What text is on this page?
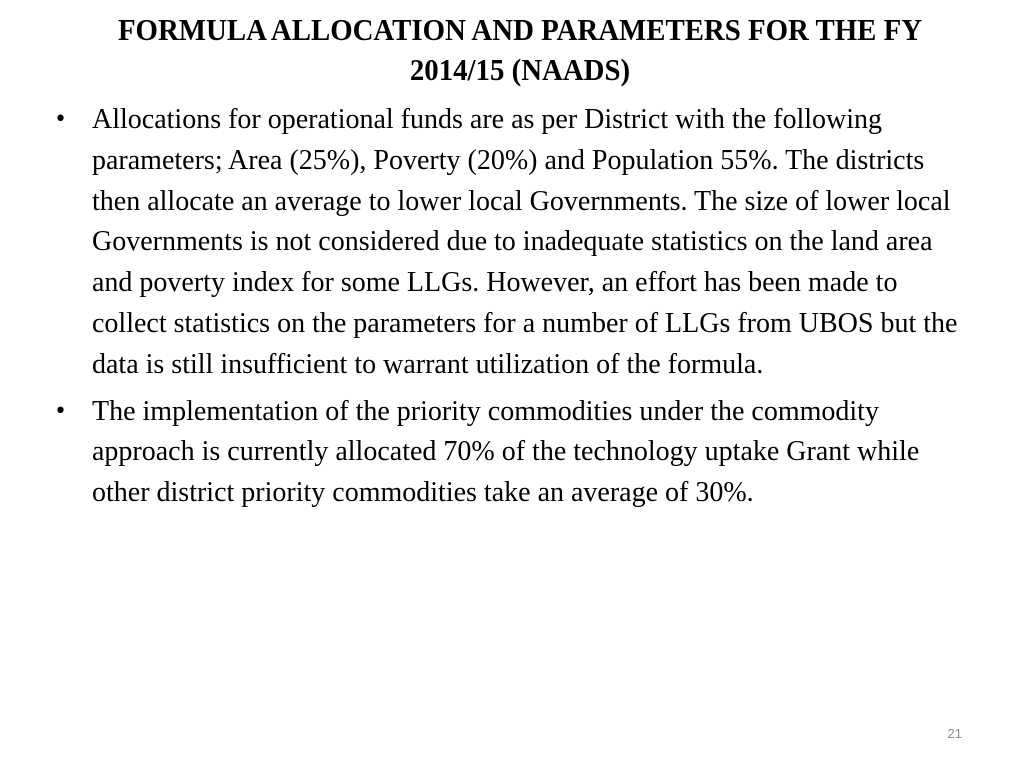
FORMULA ALLOCATION AND PARAMETERS FOR THE FY 2014/15 (NAADS)
• Allocations for operational funds are as per District with the following parameters; Area (25%), Poverty (20%) and Population 55%. The districts then allocate an average to lower local Governments. The size of lower local Governments is not considered due to inadequate statistics on the land area and poverty index for some LLGs. However, an effort has been made to collect statistics on the parameters for a number of LLGs from UBOS but the data is still insufficient to warrant utilization of the formula.
• The implementation of the priority commodities under the commodity approach is currently allocated 70% of the technology uptake Grant while other district priority commodities take an average of 30%.
21
